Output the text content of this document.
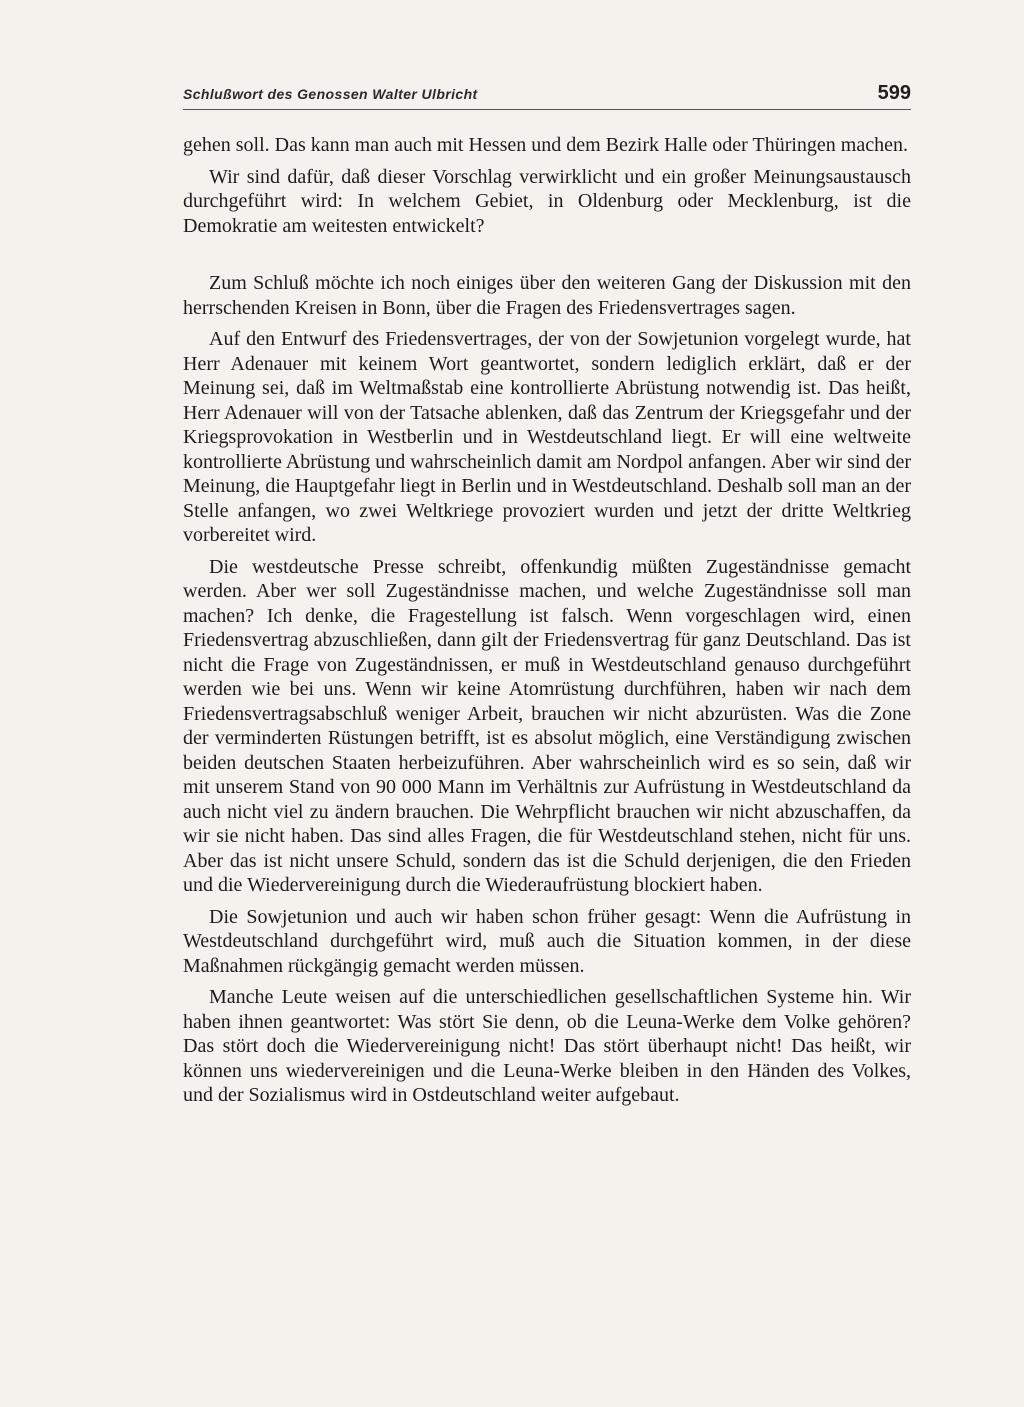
Schlußwort des Genossen Walter Ulbricht	599

gehen soll. Das kann man auch mit Hessen und dem Bezirk Halle oder Thüringen machen.

Wir sind dafür, daß dieser Vorschlag verwirklicht und ein großer Meinungsaustausch durchgeführt wird: In welchem Gebiet, in Oldenburg oder Mecklenburg, ist die Demokratie am weitesten entwickelt?

Zum Schluß möchte ich noch einiges über den weiteren Gang der Diskussion mit den herrschenden Kreisen in Bonn, über die Fragen des Friedensvertrages sagen.

Auf den Entwurf des Friedensvertrages, der von der Sowjetunion vorgelegt wurde, hat Herr Adenauer mit keinem Wort geantwortet, sondern lediglich erklärt, daß er der Meinung sei, daß im Weltmaßstab eine kontrollierte Abrüstung notwendig ist. Das heißt, Herr Adenauer will von der Tatsache ablenken, daß das Zentrum der Kriegsgefahr und der Kriegsprovokation in Westberlin und in Westdeutschland liegt. Er will eine weltweite kontrollierte Abrüstung und wahrscheinlich damit am Nordpol anfangen. Aber wir sind der Meinung, die Hauptgefahr liegt in Berlin und in Westdeutschland. Deshalb soll man an der Stelle anfangen, wo zwei Weltkriege provoziert wurden und jetzt der dritte Weltkrieg vorbereitet wird.

Die westdeutsche Presse schreibt, offenkundig müßten Zugeständnisse gemacht werden. Aber wer soll Zugeständnisse machen, und welche Zugeständnisse soll man machen? Ich denke, die Fragestellung ist falsch. Wenn vorgeschlagen wird, einen Friedensvertrag abzuschließen, dann gilt der Friedensvertrag für ganz Deutschland. Das ist nicht die Frage von Zugeständnissen, er muß in Westdeutschland genauso durchgeführt werden wie bei uns. Wenn wir keine Atomrüstung durchführen, haben wir nach dem Friedensvertragsabschluß weniger Arbeit, brauchen wir nicht abzurüsten. Was die Zone der verminderten Rüstungen betrifft, ist es absolut möglich, eine Verständigung zwischen beiden deutschen Staaten herbeizuführen. Aber wahrscheinlich wird es so sein, daß wir mit unserem Stand von 90 000 Mann im Verhältnis zur Aufrüstung in Westdeutschland da auch nicht viel zu ändern brauchen. Die Wehrpflicht brauchen wir nicht abzuschaffen, da wir sie nicht haben. Das sind alles Fragen, die für Westdeutschland stehen, nicht für uns. Aber das ist nicht unsere Schuld, sondern das ist die Schuld derjenigen, die den Frieden und die Wiedervereinigung durch die Wiederaufrüstung blockiert haben.

Die Sowjetunion und auch wir haben schon früher gesagt: Wenn die Aufrüstung in Westdeutschland durchgeführt wird, muß auch die Situation kommen, in der diese Maßnahmen rückgängig gemacht werden müssen.

Manche Leute weisen auf die unterschiedlichen gesellschaftlichen Systeme hin. Wir haben ihnen geantwortet: Was stört Sie denn, ob die Leuna-Werke dem Volke gehören? Das stört doch die Wiedervereinigung nicht! Das stört überhaupt nicht! Das heißt, wir können uns wiedervereinigen und die Leuna-Werke bleiben in den Händen des Volkes, und der Sozialismus wird in Ostdeutschland weiter aufgebaut.
